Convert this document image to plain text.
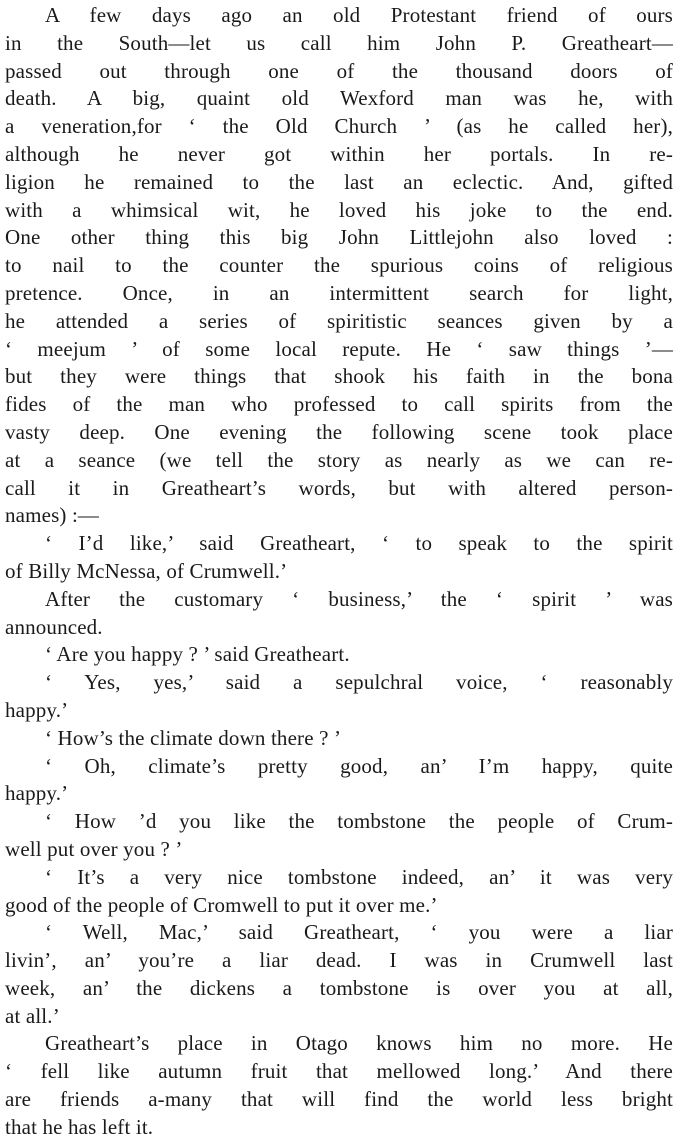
A few days ago an old Protestant friend of ours
in the South—let us call him John P. Greatheart—
passed out through one of the thousand doors of
death. A big, quaint old Wexford man was he, with
a veneration,for ‘ the Old Church ’ (as he called her),
although he never got within her portals. In re-
ligion he remained to the last an eclectic. And, gifted
with a whimsical wit, he loved his joke to the end.
One other thing this big John Littlejohn also loved :
to nail to the counter the spurious coins of religious
pretence. Once, in an intermittent search for light,
he attended a series of spiritistic seances given by a
‘ meejum ’ of some local repute. He ‘ saw things ’—
but they were things that shook his faith in the bona
fides of the man who professed to call spirits from the
vasty deep. One evening the following scene took place
at a seance (we tell the story as nearly as we can re-
call it in Greatheart’s words, but with altered person-
names) :—
‘ I’d like,’ said Greatheart, ‘ to speak to the spirit
of Billy McNessa, of Crumwell.’
After the customary ‘ business,’ the ‘ spirit ’ was
announced.
‘ Are you happy ? ’ said Greatheart.
‘ Yes, yes,’ said a sepulchral voice, ‘ reasonably
happy.’
‘ How’s the climate down there ? ’
‘ Oh, climate’s pretty good, an’ I’m happy, quite
happy.’
‘ How ’d you like the tombstone the people of Crum-
well put over you ? ’
‘ It’s a very nice tombstone indeed, an’ it was very
good of the people of Cromwell to put it over me.’
‘ Well, Mac,’ said Greatheart, ‘ you were a liar
livin’, an’ you’re a liar dead. I was in Crumwell last
week, an’ the dickens a tombstone is over you at all,
at all.’
Greatheart’s place in Otago knows him no more. He
‘ fell like autumn fruit that mellowed long.’ And there
are friends a-many that will find the world less bright
that he has left it.
